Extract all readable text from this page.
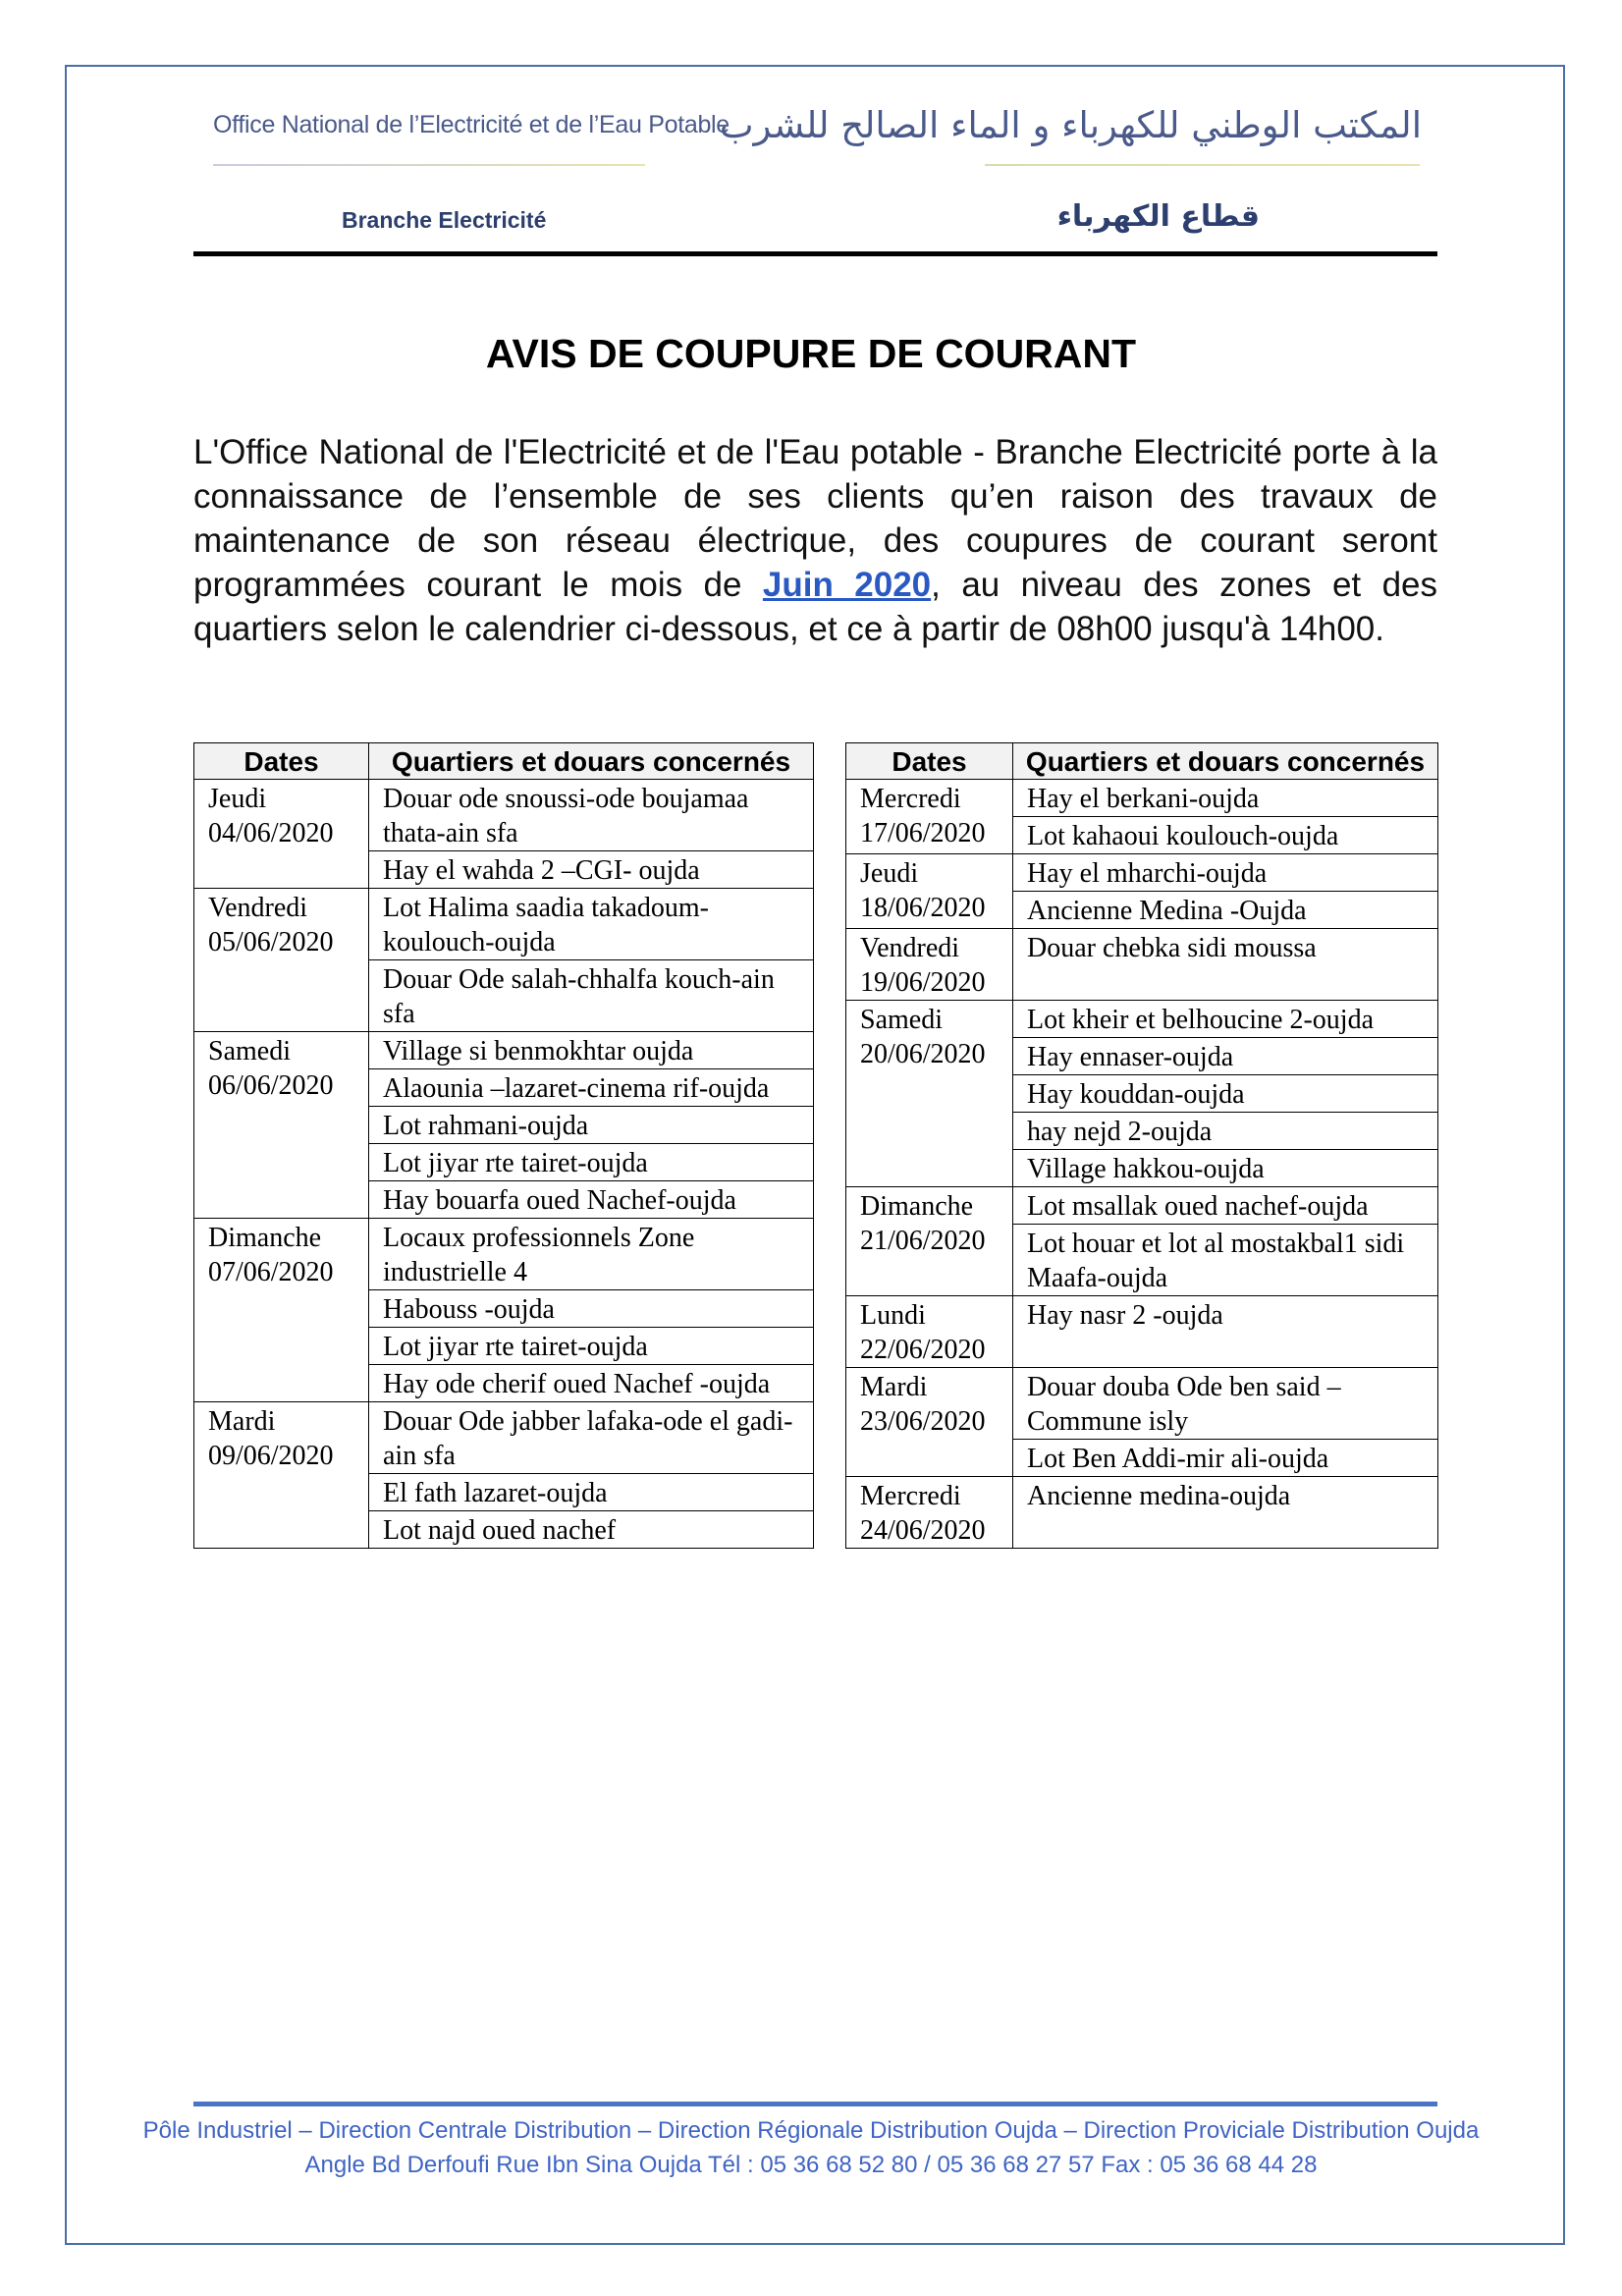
Office National de l’Electricité et de l’Eau Potable
المكتب الوطني للكهرباء و الماء الصالح للشرب
Branche Electricité	قطاع الكهرباء
AVIS DE COUPURE DE COURANT
L'Office National de l'Electricité et de l'Eau potable - Branche Electricité porte à la connaissance de l’ensemble de ses clients qu’en raison des travaux de maintenance de son réseau électrique, des coupures de courant seront programmées courant le mois de Juin 2020, au niveau des zones et des quartiers selon le calendrier ci-dessous, et ce à partir de 08h00 jusqu'à 14h00.
Dates	Quartiers et douars concernés

Jeudi
04/06/2020	Douar ode snoussi-ode boujamaa thata-ain sfa
	Hay el wahda 2 –CGI- oujda

Vendredi
05/06/2020	Lot Halima saadia takadoum-koulouch-oujda
	Douar Ode salah-chhalfa kouch-ain sfa

Samedi
06/06/2020	Village si benmokhtar oujda
	Alaounia –lazaret-cinema rif-oujda
	Lot rahmani-oujda
	Lot jiyar rte tairet-oujda
	Hay bouarfa oued Nachef-oujda

Dimanche
07/06/2020	Locaux professionnels Zone industrielle 4
	Habouss -oujda
	Lot jiyar rte tairet-oujda
	Hay ode cherif oued Nachef -oujda

Mardi
09/06/2020	Douar Ode jabber lafaka-ode el gadi-ain sfa
	El fath lazaret-oujda
	Lot najd oued nachef
Dates	Quartiers et douars concernés

Mercredi
17/06/2020	Hay el berkani-oujda
	Lot kahaoui koulouch-oujda

Jeudi
18/06/2020	Hay el mharchi-oujda
	Ancienne Medina -Oujda

Vendredi
19/06/2020	Douar chebka sidi moussa

Samedi
20/06/2020	Lot kheir et belhoucine 2-oujda
	Hay ennaser-oujda
	Hay kouddan-oujda
	hay nejd 2-oujda
	Village hakkou-oujda

Dimanche
21/06/2020	Lot msallak oued nachef-oujda
	Lot houar et lot al mostakbal1 sidi Maafa-oujda

Lundi
22/06/2020	Hay nasr 2 -oujda

Mardi
23/06/2020	Douar douba Ode ben said –Commune isly
	Lot Ben Addi-mir ali-oujda

Mercredi
24/06/2020	Ancienne medina-oujda
Pôle Industriel – Direction Centrale Distribution – Direction Régionale Distribution Oujda – Direction Proviciale Distribution Oujda
Angle Bd Derfoufi Rue Ibn Sina Oujda Tél : 05 36 68 52 80 / 05 36 68 27 57 Fax : 05 36 68 44 28
